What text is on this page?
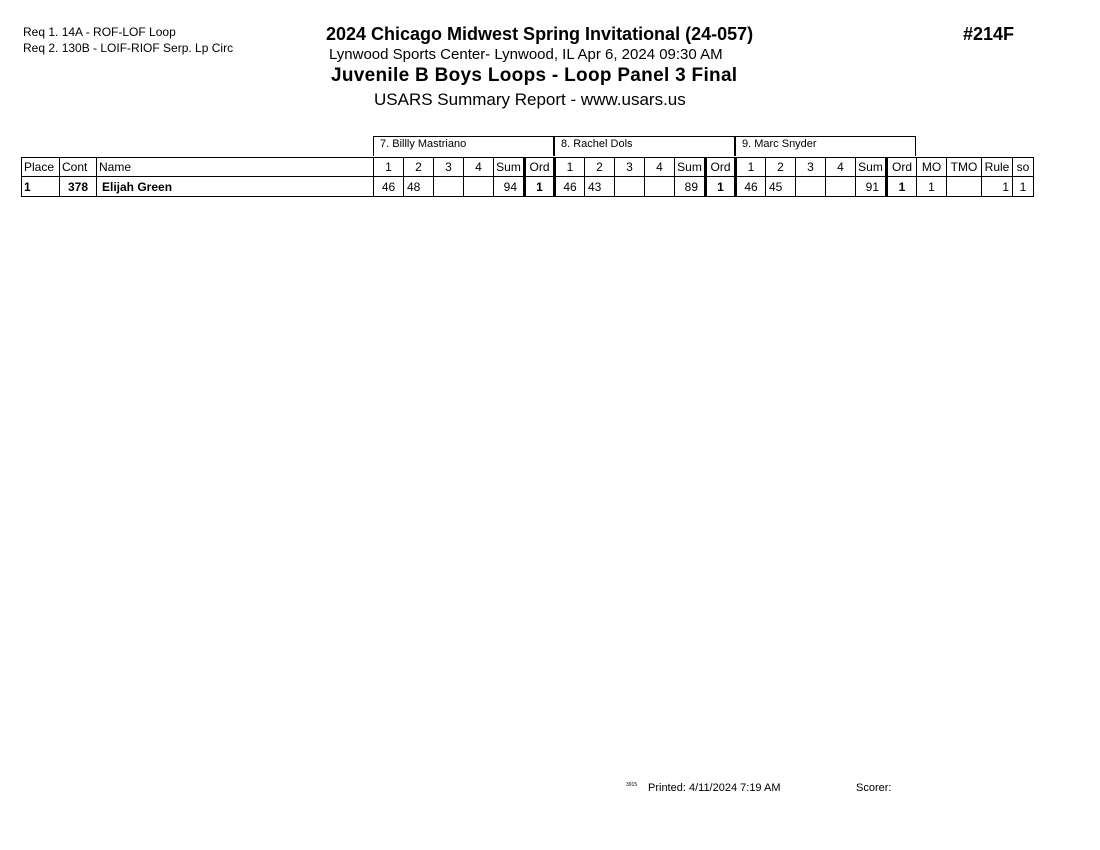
Req 1. 14A - ROF-LOF Loop
Req 2. 130B - LOIF-RIOF Serp. Lp Circ
2024 Chicago Midwest Spring Invitational (24-057)
Lynwood Sports Center- Lynwood, IL Apr 6, 2024 09:30 AM
Juvenile B Boys Loops - Loop Panel 3 Final
USARS Summary Report - www.usars.us
#214F
7. Billly Mastriano	8. Rachel Dols	9. Marc Snyder
Place	Cont	Name	1	2	3	4	Sum	Ord	1	2	3	4	Sum	Ord	1	2	3	4	Sum	Ord	MO	TMO	Rule	so
1	378	Elijah Green	46	48			94	1	46	43			89	1	46	45			91	1	1		1	1
3915 Printed: 4/11/2024 7:19 AM	Scorer:
